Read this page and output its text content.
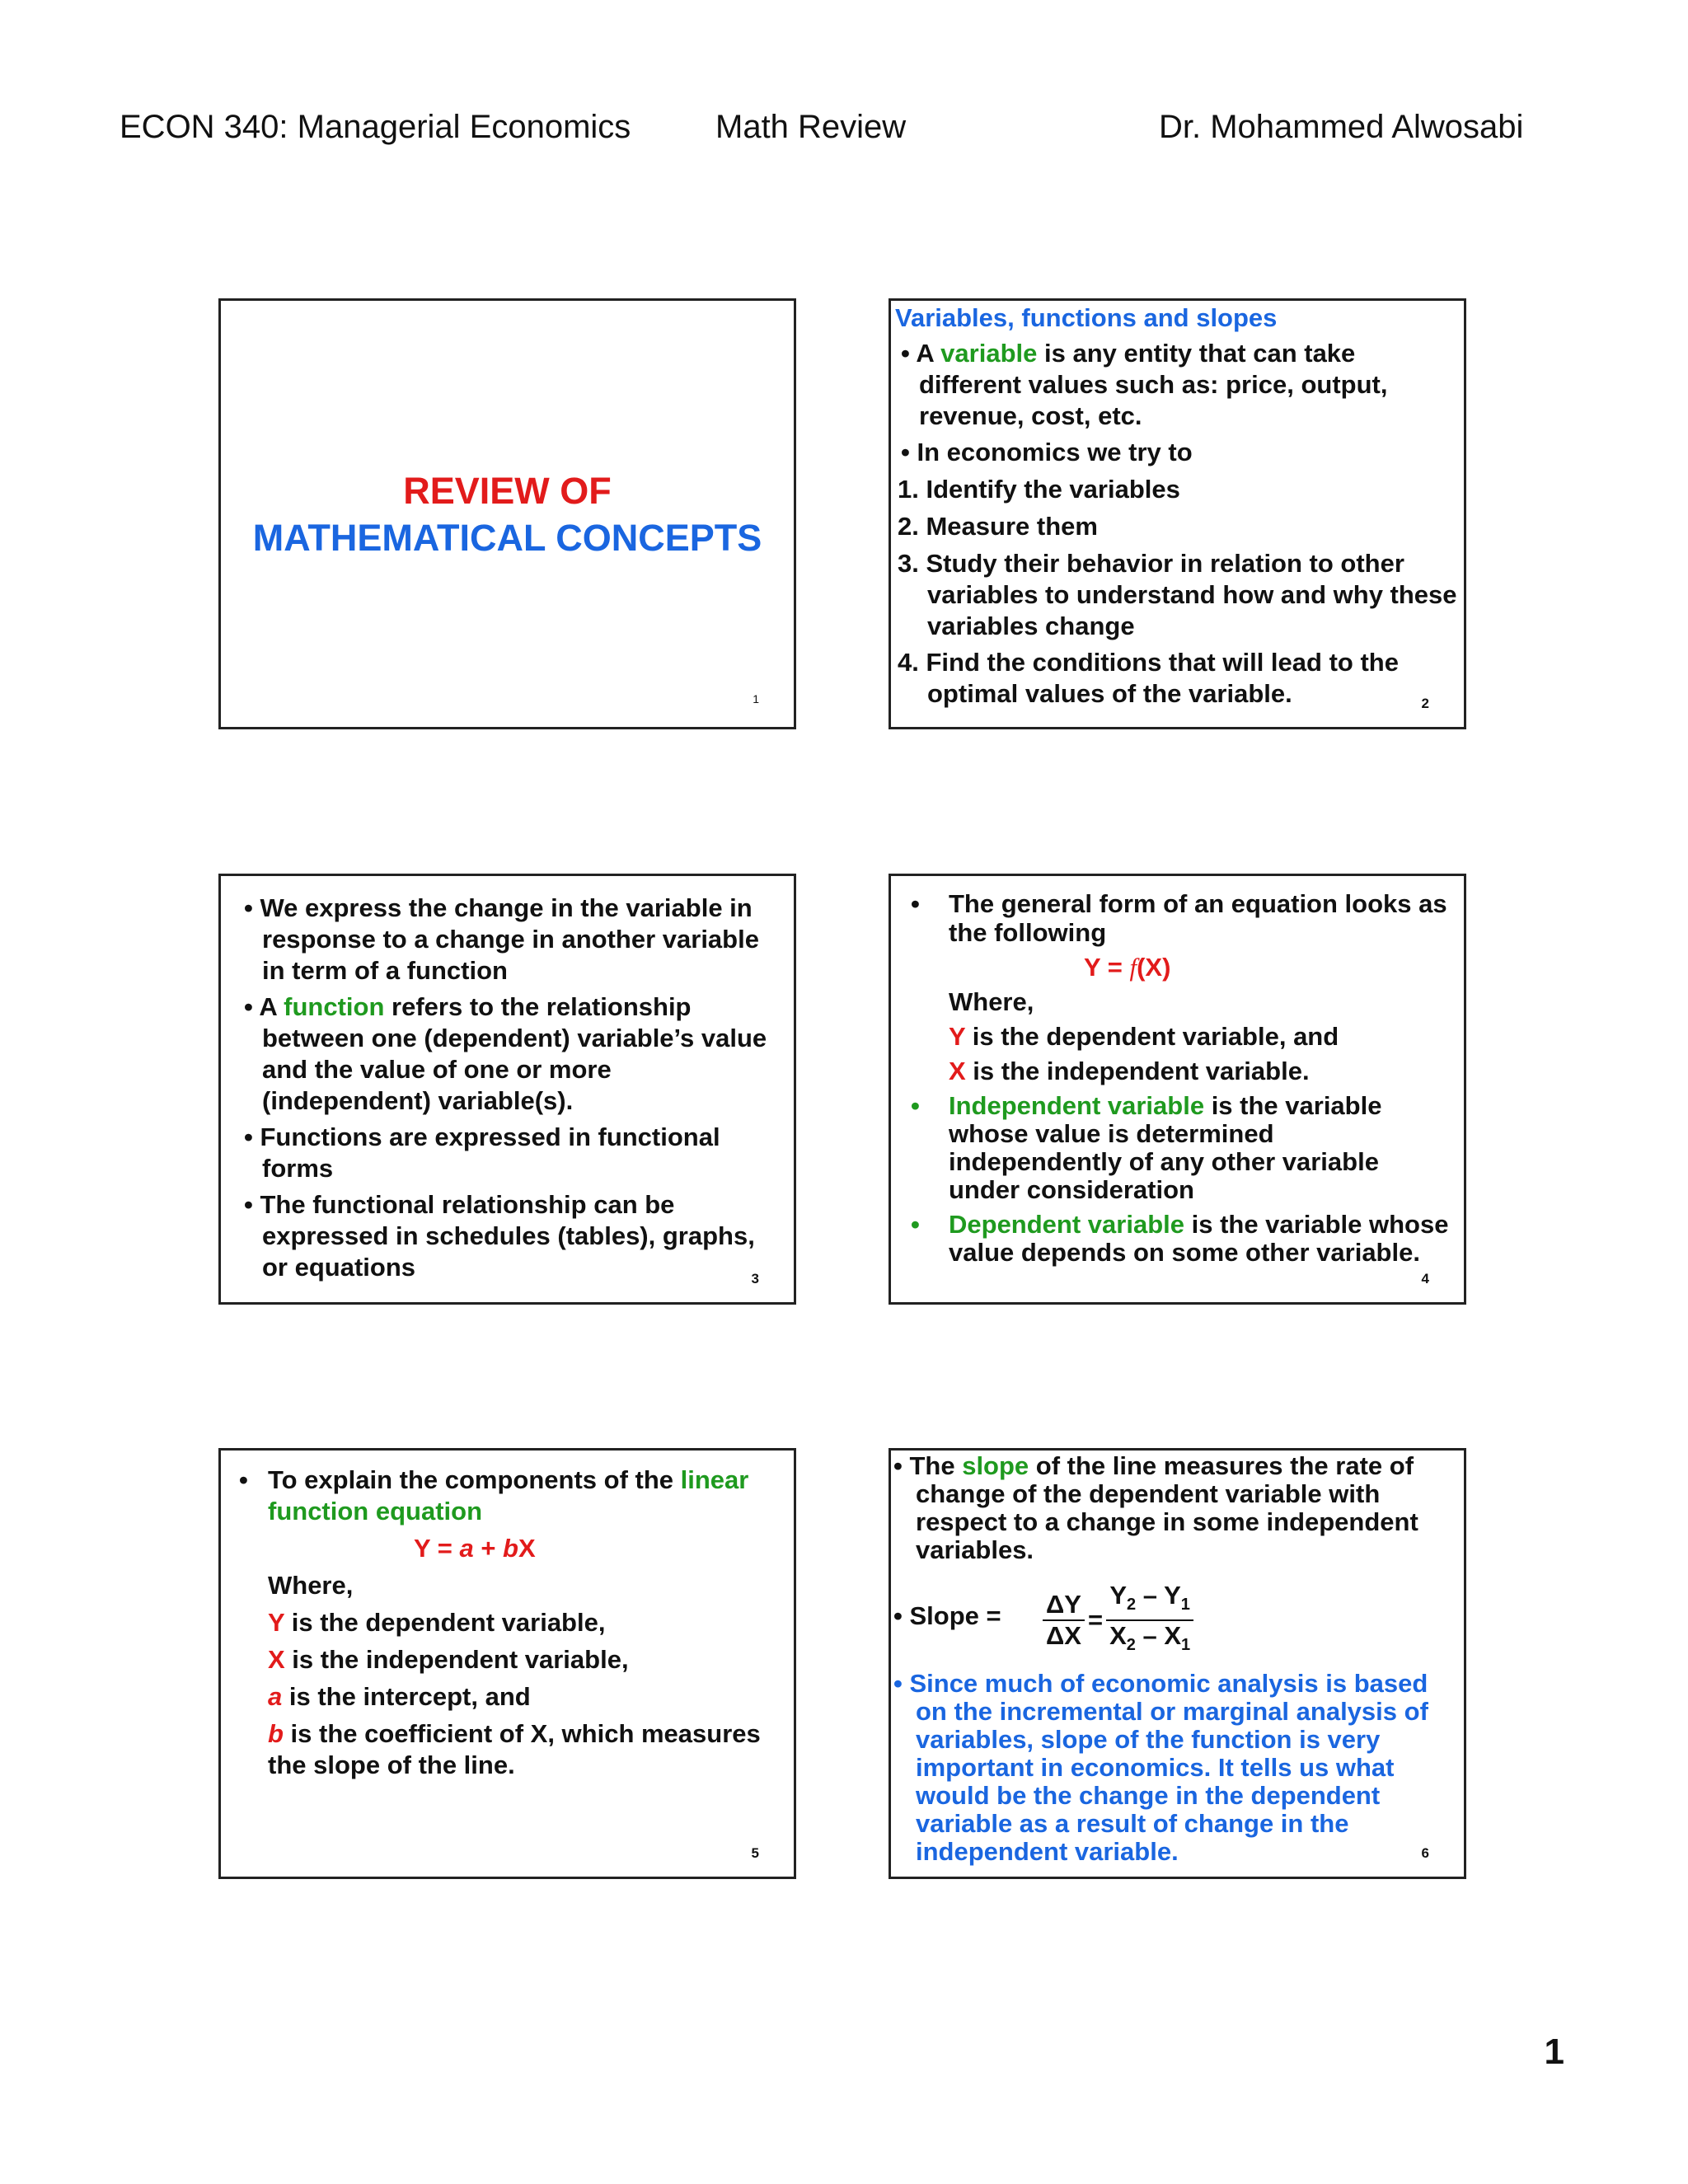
ECON 340: Managerial Economics	Math Review	Dr. Mohammed Alwosabi
REVIEW OF
MATHEMATICAL CONCEPTS
1
Variables, functions and slopes
• A variable is any entity that can take
different values such as: price, output,
revenue, cost, etc.
• In economics we try to
1. Identify the variables
2. Measure them
3. Study their behavior in relation to other
variables to understand how and why these
variables change
4. Find the conditions that will lead to the
optimal values of the variable.	2
• We express the change in the variable in
response to a change in another variable
in term of a function
• A function refers to the relationship
between one (dependent) variable’s value
and the value of one or more
(independent) variable(s).
• Functions are expressed in functional
forms
• The functional relationship can be
expressed in schedules (tables), graphs,
or equations	3
• The general form of an equation looks as
the following
Y = f(X)
Where,
Y is the dependent variable, and
X is the independent variable.
• Independent variable is the variable
whose value is determined
independently of any other variable
under consideration
• Dependent variable is the variable whose
value depends on some other variable.
4
• To explain the components of the linear
function equation
Y = a + bX
Where,
Y is the dependent variable,
X is the independent variable,
a is the intercept, and
b is the coefficient of X, which measures
the slope of the line.
5
• The slope of the line measures the rate of
change of the dependent variable with
respect to a change in some independent
variables.
• Slope = $\frac{\Delta Y}{\Delta X} = \frac{Y_2 - Y_1}{X_2 - X_1}$
• Since much of economic analysis is based
on the incremental or marginal analysis of
variables, slope of the function is very
important in economics. It tells us what
would be the change in the dependent
variable as a result of change in the
independent variable.	6
1
